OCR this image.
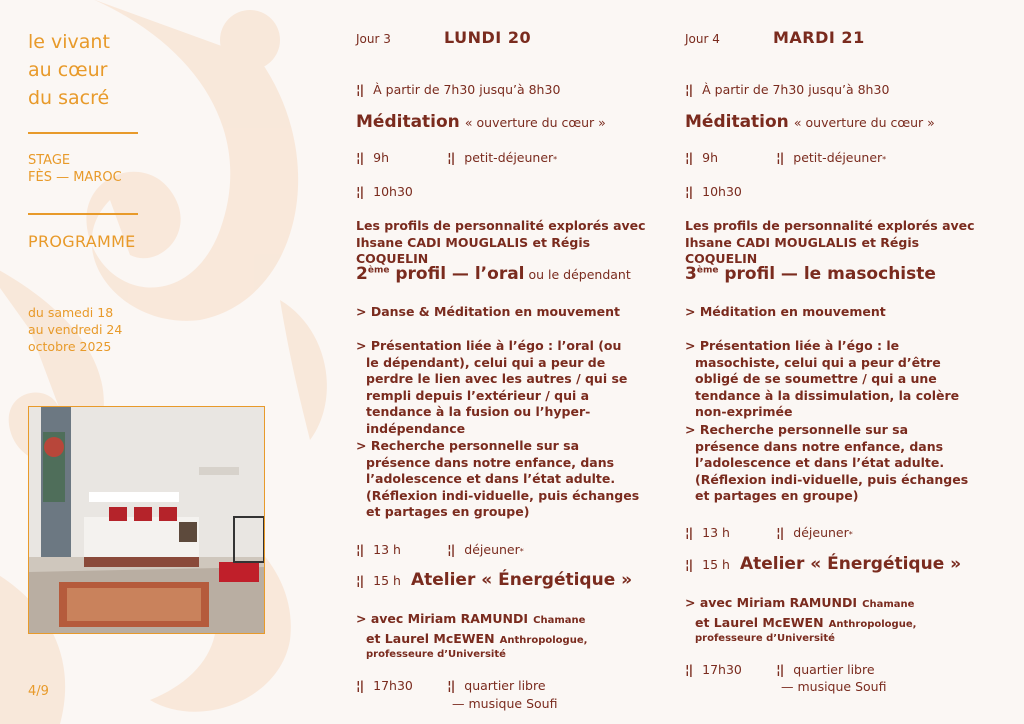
le vivant
au cœur
du sacré
STAGE
FÈS — MAROC
PROGRAMME
du samedi 18
au vendredi 24
octobre 2025
4/9
Jour 3	LUNDI 20
¦| À partir de 7h30 jusqu’à 8h30
Méditation « ouverture du cœur »
¦| 9h	¦| petit-déjeuner *
¦| 10h30
Les profils de personnalité explorés avec
Ihsane CADI MOUGLALIS et Régis COQUELIN
2ème profil — l’oral ou le dépendant
> Danse & Méditation en mouvement
> Présentation liée à l’égo : l’oral (ou le dépendant), celui qui a peur de perdre le lien avec les autres / qui se rempli depuis l’extérieur / qui a tendance à la fusion ou l’hyper-indépendance
> Recherche personnelle sur sa présence dans notre enfance, dans l’adolescence et dans l’état adulte. (Réflexion indi-viduelle, puis échanges et partages en groupe)
¦| 13 h	¦| déjeuner *
¦| 15 h Atelier « Énergétique »
> avec Miriam RAMUNDI Chamane
et Laurel McEWEN Anthropologue,
professeure d’Université
¦| 17h30	¦| quartier libre
— musique Soufi
Jour 4	MARDI 21
¦| À partir de 7h30 jusqu’à 8h30
Méditation « ouverture du cœur »
¦| 9h	¦| petit-déjeuner *
¦| 10h30
Les profils de personnalité explorés avec
Ihsane CADI MOUGLALIS et Régis COQUELIN
3ème profil — le masochiste
> Méditation en mouvement
> Présentation liée à l’égo : le masochiste, celui qui a peur d’être obligé de se soumettre / qui a une tendance à la dissimulation, la colère non-exprimée
> Recherche personnelle sur sa présence dans notre enfance, dans l’adolescence et dans l’état adulte. (Réflexion indi-viduelle, puis échanges et partages en groupe)
¦| 13 h	¦| déjeuner *
¦| 15 h Atelier « Énergétique »
> avec Miriam RAMUNDI Chamane
et Laurel McEWEN Anthropologue,
professeure d’Université
¦| 17h30	¦| quartier libre
— musique Soufi
